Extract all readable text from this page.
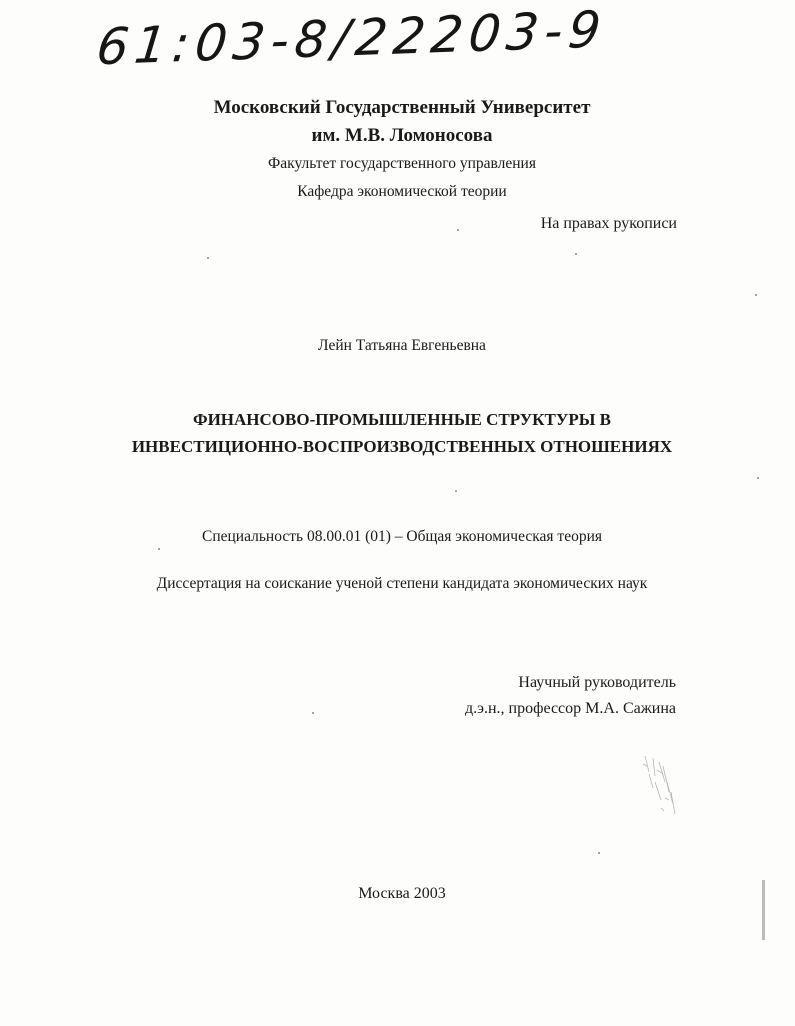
61:03-8/22203-9
Московский Государственный Университет
им. М.В. Ломоносова
Факультет государственного управления
Кафедра экономической теории
На правах рукописи
Лейн Татьяна Евгеньевна
ФИНАНСОВО-ПРОМЫШЛЕННЫЕ СТРУКТУРЫ В
ИНВЕСТИЦИОННО-ВОСПРОИЗВОДСТВЕННЫХ ОТНОШЕНИЯХ
Специальность 08.00.01 (01) – Общая экономическая теория
Диссертация на соискание ученой степени кандидата экономических наук
Научный руководитель
д.э.н., профессор М.А. Сажина
Москва 2003
